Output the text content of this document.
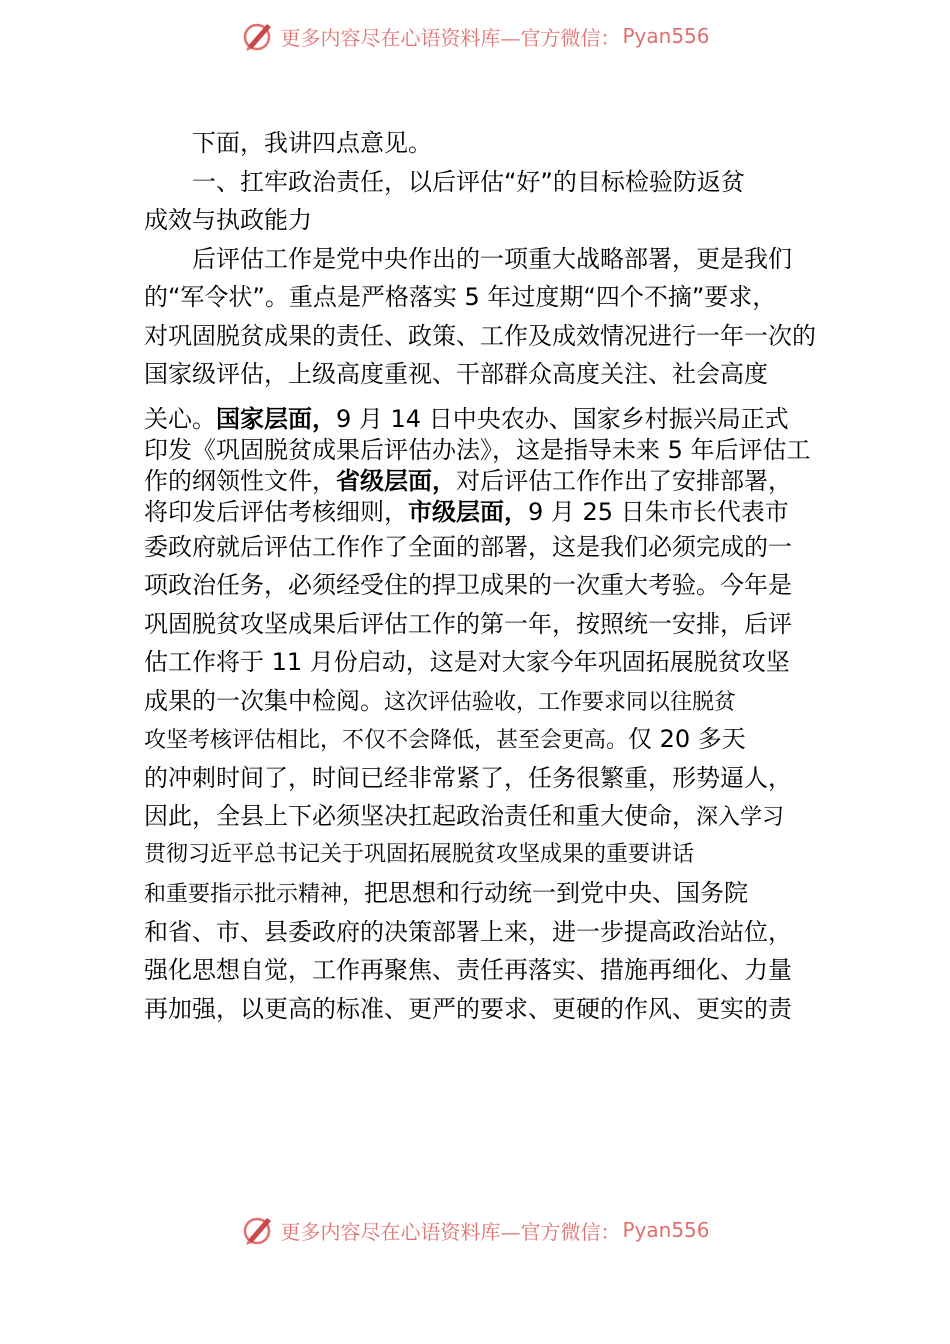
更多内容尽在心语资料库—官方微信： Pyan556
下面，我讲四点意见。
一、扛牢政治责任，以后评估“好”的目标检验防返贫
成效与执政能力
后评估工作是党中央作出的一项重大战略部署，更是我们
的“军令状”。重点是严格落实 5 年过度期“四个不摘”要求，
对巩固脱贫成果的责任、政策、工作及成效情况进行一年一次的
国家级评估，上级高度重视、干部群众高度关注、社会高度
关心。国家层面，9 月 14 日中央农办、国家乡村振兴局正式
印发《巩固脱贫成果后评估办法》，这是指导未来 5 年后评估工
作的纲领性文件，省级层面，对后评估工作作出了安排部署，
将印发后评估考核细则，市级层面，9 月 25 日朱市长代表市
委政府就后评估工作作了全面的部署，这是我们必须完成的一
项政治任务，必须经受住的捍卫成果的一次重大考验。今年是
巩固脱贫攻坚成果后评估工作的第一年，按照统一安排，后评
估工作将于 11 月份启动，这是对大家今年巩固拓展脱贫攻坚
成果的一次集中检阅。这次评估验收，工作要求同以往脱贫
攻坚考核评估相比，不仅不会降低，甚至会更高。仅 20 多天
的冲刺时间了，时间已经非常紧了，任务很繁重，形势逼人，
因此，全县上下必须坚决扛起政治责任和重大使命，深入学习
贯彻习近平总书记关于巩固拓展脱贫攻坚成果的重要讲话
和重要指示批示精神，把思想和行动统一到党中央、国务院
和省、市、县委政府的决策部署上来，进一步提高政治站位，
强化思想自觉，工作再聚焦、责任再落实、措施再细化、力量
再加强，以更高的标准、更严的要求、更硬的作风、更实的责
更多内容尽在心语资料库—官方微信： Pyan556
